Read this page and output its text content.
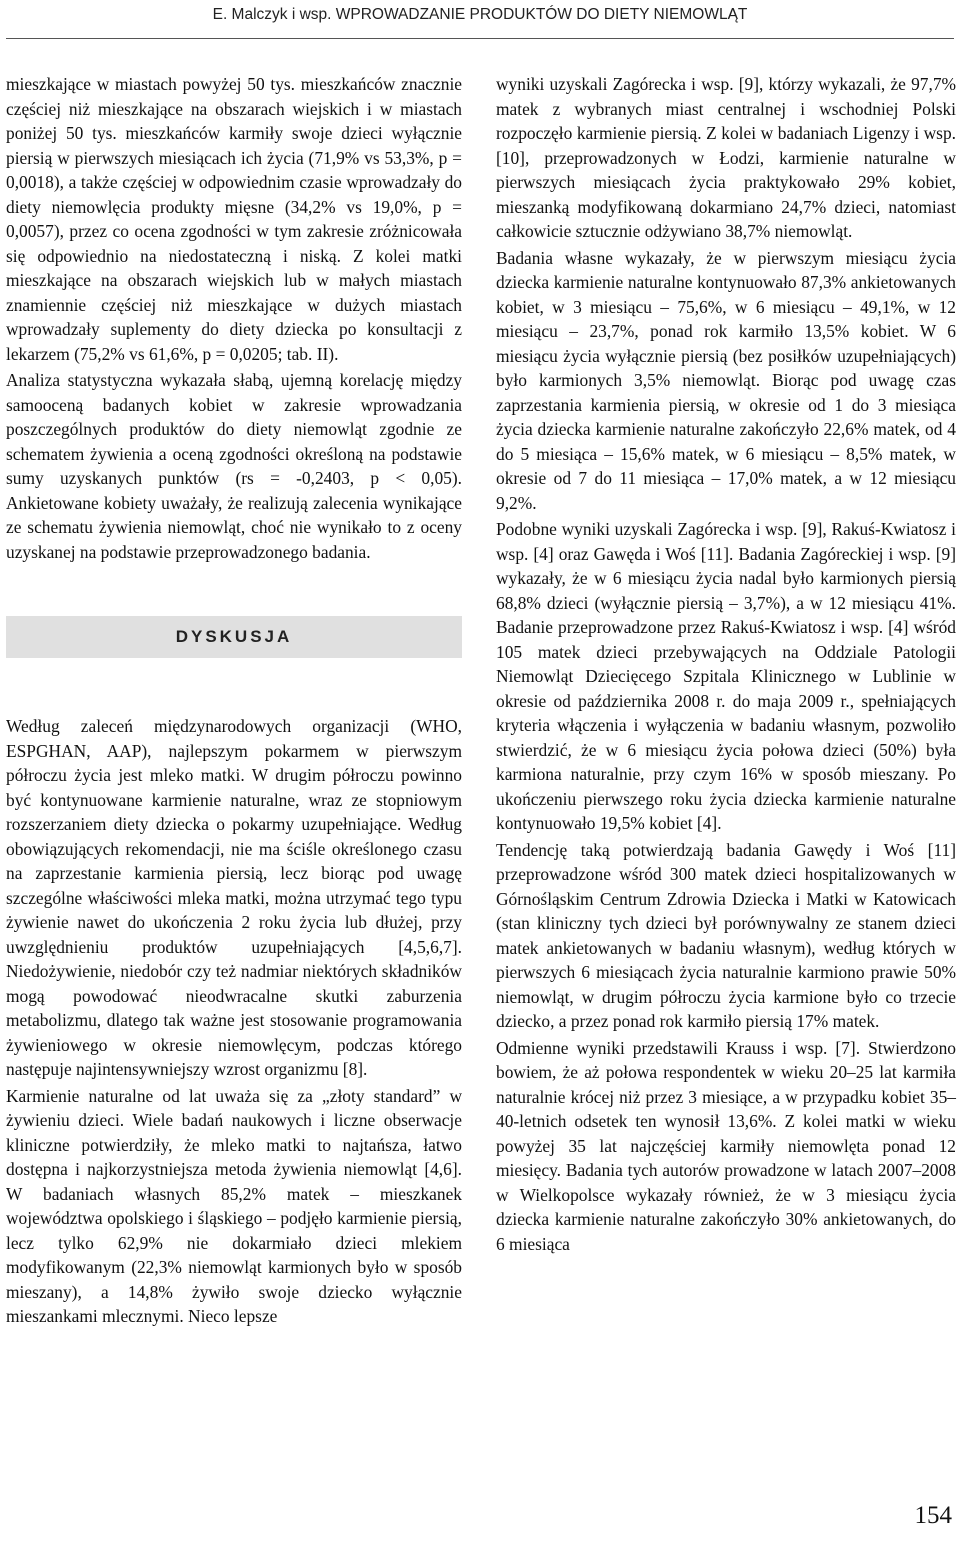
E. Malczyk i wsp. WPROWADZANIE PRODUKTÓW DO DIETY NIEMOWLĄT

mieszkające w miastach powyżej 50 tys. mieszkańców znacznie częściej niż mieszkające na obszarach wiejskich i w miastach poniżej 50 tys. mieszkańców karmiły swoje dzieci wyłącznie piersią w pierwszych miesiącach ich życia (71,9% vs 53,3%, p = 0,0018), a także częściej w odpowiednim czasie wprowadzały do diety niemowlęcia produkty mięsne (34,2% vs 19,0%, p = 0,0057), przez co ocena zgodności w tym zakresie zróżnicowała się odpowiednio na niedostateczną i niską. Z kolei matki mieszkające na obszarach wiejskich lub w małych miastach znamiennie częściej niż mieszkające w dużych miastach wprowadzały suplementy do diety dziecka po konsultacji z lekarzem (75,2% vs 61,6%, p = 0,0205; tab. II).

Analiza statystyczna wykazała słabą, ujemną korelację między samooceną badanych kobiet w zakresie wprowadzania poszczególnych produktów do diety niemowląt zgodnie ze schematem żywienia a oceną zgodności określoną na podstawie sumy uzyskanych punktów (rs = -0,2403, p < 0,05). Ankietowane kobiety uważały, że realizują zalecenia wynikające ze schematu żywienia niemowląt, choć nie wynikało to z oceny uzyskanej na podstawie przeprowadzonego badania.

DYSKUSJA

Według zaleceń międzynarodowych organizacji (WHO, ESPGHAN, AAP), najlepszym pokarmem w pierwszym półroczu życia jest mleko matki. W drugim półroczu powinno być kontynuowane karmienie naturalne, wraz ze stopniowym rozszerzaniem diety dziecka o pokarmy uzupełniające. Według obowiązujących rekomendacji, nie ma ściśle określonego czasu na zaprzestanie karmienia piersią, lecz biorąc pod uwagę szczególne właściwości mleka matki, można utrzymać tego typu żywienie nawet do ukończenia 2 roku życia lub dłużej, przy uwzględnieniu produktów uzupełniających [4,5,6,7]. Niedożywienie, niedobór czy też nadmiar niektórych składników mogą powodować nieodwracalne skutki zaburzenia metabolizmu, dlatego tak ważne jest stosowanie programowania żywieniowego w okresie niemowlęcym, podczas którego następuje najintensywniejszy wzrost organizmu [8].

Karmienie naturalne od lat uważa się za „złoty standard” w żywieniu dzieci. Wiele badań naukowych i liczne obserwacje kliniczne potwierdziły, że mleko matki to najtańsza, łatwo dostępna i najkorzystniejsza metoda żywienia niemowląt [4,6]. W badaniach własnych 85,2% matek – mieszkanek województwa opolskiego i śląskiego – podjęło karmienie piersią, lecz tylko 62,9% nie dokarmiało dzieci mlekiem modyfikowanym (22,3% niemowląt karmionych było w sposób mieszany), a 14,8% żywiło swoje dziecko wyłącznie mieszankami mlecznymi. Nieco lepsze

wyniki uzyskali Zagórecka i wsp. [9], którzy wykazali, że 97,7% matek z wybranych miast centralnej i wschodniej Polski rozpoczęło karmienie piersią. Z kolei w badaniach Ligenzy i wsp. [10], przeprowadzonych w Łodzi, karmienie naturalne w pierwszych miesiącach życia praktykowało 29% kobiet, mieszanką modyfikowaną dokarmiano 24,7% dzieci, natomiast całkowicie sztucznie odżywiano 38,7% niemowląt.

Badania własne wykazały, że w pierwszym miesiącu życia dziecka karmienie naturalne kontynuowało 87,3% ankietowanych kobiet, w 3 miesiącu – 75,6%, w 6 miesiącu – 49,1%, w 12 miesiącu – 23,7%, ponad rok karmiło 13,5% kobiet. W 6 miesiącu życia wyłącznie piersią (bez posiłków uzupełniających) było karmionych 3,5% niemowląt. Biorąc pod uwagę czas zaprzestania karmienia piersią, w okresie od 1 do 3 miesiąca życia dziecka karmienie naturalne zakończyło 22,6% matek, od 4 do 5 miesiąca – 15,6% matek, w 6 miesiącu – 8,5% matek, w okresie od 7 do 11 miesiąca – 17,0% matek, a w 12 miesiącu 9,2%.

Podobne wyniki uzyskali Zagórecka i wsp. [9], Rakuś-Kwiatosz i wsp. [4] oraz Gawęda i Woś [11]. Badania Zagóreckiej i wsp. [9] wykazały, że w 6 miesiącu życia nadal było karmionych piersią 68,8% dzieci (wyłącznie piersią – 3,7%), a w 12 miesiącu 41%. Badanie przeprowadzone przez Rakuś-Kwiatosz i wsp. [4] wśród 105 matek dzieci przebywających na Oddziale Patologii Niemowląt Dziecięcego Szpitala Klinicznego w Lublinie w okresie od października 2008 r. do maja 2009 r., spełniających kryteria włączenia i wyłączenia w badaniu własnym, pozwoliło stwierdzić, że w 6 miesiącu życia połowa dzieci (50%) była karmiona naturalnie, przy czym 16% w sposób mieszany. Po ukończeniu pierwszego roku życia dziecka karmienie naturalne kontynuowało 19,5% kobiet [4].

Tendencję taką potwierdzają badania Gawędy i Woś [11] przeprowadzone wśród 300 matek dzieci hospitalizowanych w Górnośląskim Centrum Zdrowia Dziecka i Matki w Katowicach (stan kliniczny tych dzieci był porównywalny ze stanem dzieci matek ankietowanych w badaniu własnym), według których w pierwszych 6 miesiącach życia naturalnie karmiono prawie 50% niemowląt, w drugim półroczu życia karmione było co trzecie dziecko, a przez ponad rok karmiło piersią 17% matek.

Odmienne wyniki przedstawili Krauss i wsp. [7]. Stwierdzono bowiem, że aż połowa respondentek w wieku 20–25 lat karmiła naturalnie krócej niż przez 3 miesiące, a w przypadku kobiet 35–40-letnich odsetek ten wynosił 13,6%. Z kolei matki w wieku powyżej 35 lat najczęściej karmiły niemowlęta ponad 12 miesięcy. Badania tych autorów prowadzone w latach 2007–2008 w Wielkopolsce wykazały również, że w 3 miesiącu życia dziecka karmienie naturalne zakończyło 30% ankietowanych, do 6 miesiąca

154
